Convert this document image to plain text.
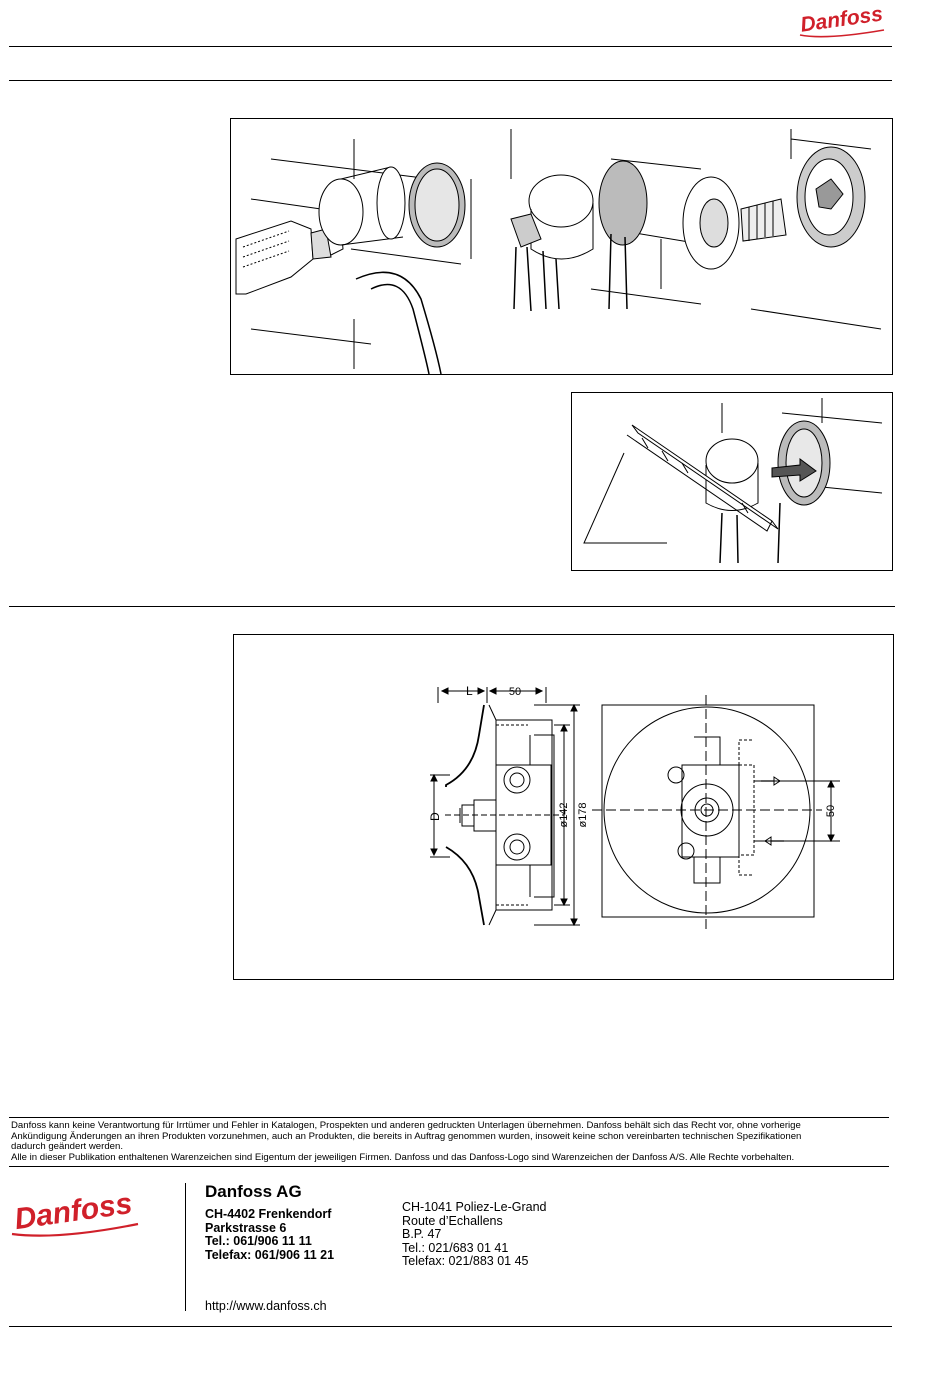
Danfoss
L	50
D	ø142 ø178	50

Danfoss kann keine Verantwortung für Irrtümer und Fehler in Katalogen, Prospekten und anderen gedruckten Unterlagen übernehmen. Danfoss behält sich das Recht vor, ohne vorherige

Ankündigung Änderungen an ihren Produkten vorzunehmen, auch an Produkten, die bereits in Auftrag genommen wurden, insoweit keine schon vereinbarten technischen Spezifikationen

dadurch geändert werden.

Alle in dieser Publikation enthaltenen Warenzeichen sind Eigentum der jeweiligen Firmen. Danfoss und das Danfoss-Logo sind Warenzeichen der Danfoss A/S. Alle Rechte vorbehalten.

Danfoss	Danfoss AG
CH-4402 Frenkendorf
Parkstrasse 6
Tel.: 061/906 11 11
Telefax: 061/906 11 21
CH-1041 Poliez-Le-Grand
Route d’Echallens
B.P. 47
Tel.: 021/683 01 41
Telefax: 021/883 01 45
http://www.danfoss.ch
